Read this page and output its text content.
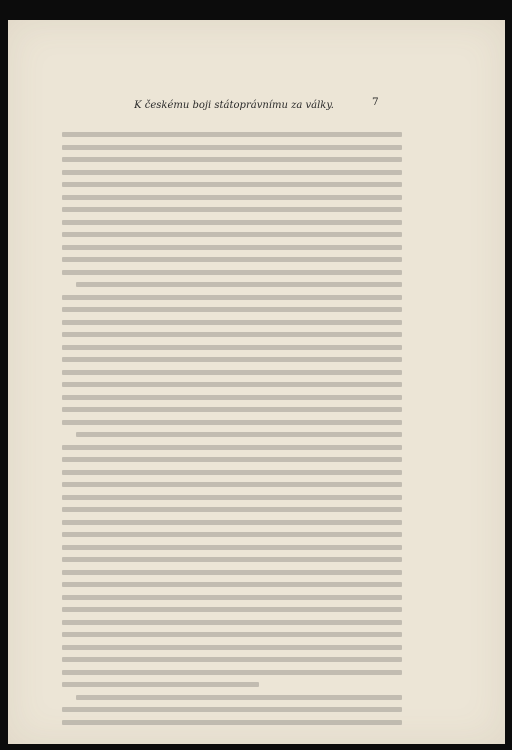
K českému boji státoprávnímu za války.	7
